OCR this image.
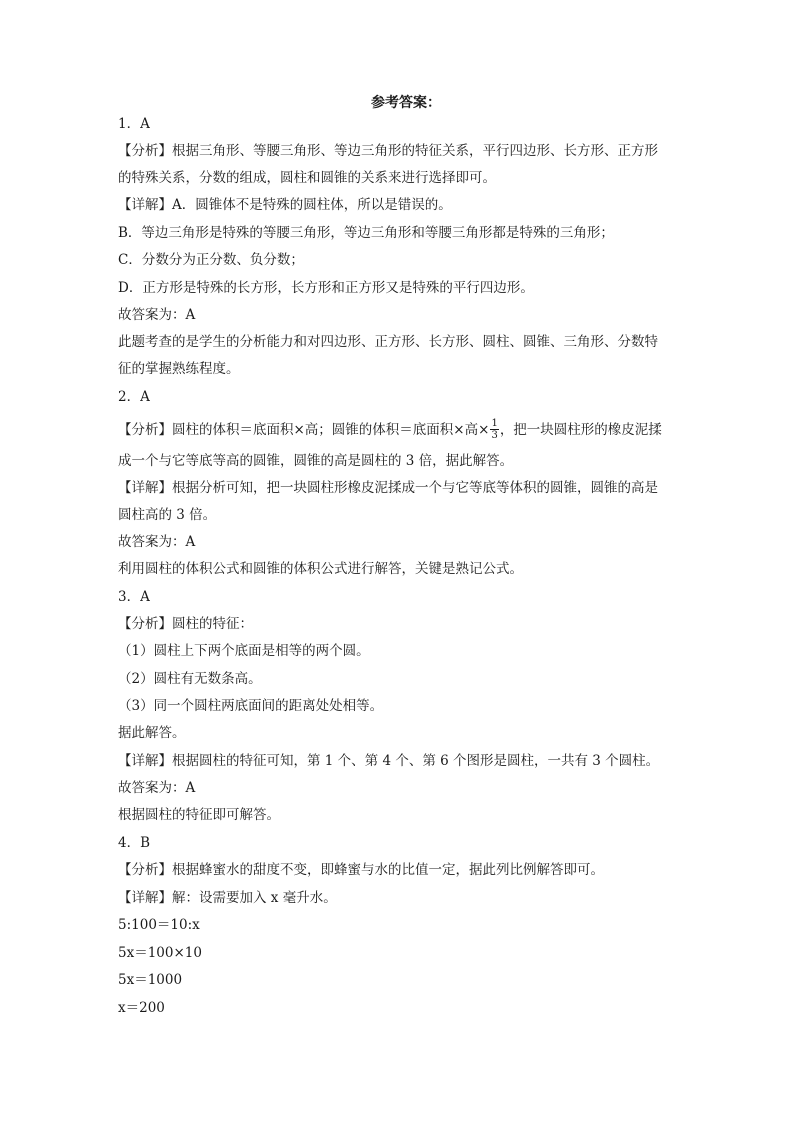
参考答案：
1．A
【分析】根据三角形、等腰三角形、等边三角形的特征关系，平行四边形、长方形、正方形
的特殊关系，分数的组成，圆柱和圆锥的关系来进行选择即可。
【详解】A．圆锥体不是特殊的圆柱体，所以是错误的。
B．等边三角形是特殊的等腰三角形，等边三角形和等腰三角形都是特殊的三角形；
C．分数分为正分数、负分数；
D．正方形是特殊的长方形，长方形和正方形又是特殊的平行四边形。
故答案为：A
此题考查的是学生的分析能力和对四边形、正方形、长方形、圆柱、圆锥、三角形、分数特
征的掌握熟练程度。
2．A
【分析】圆柱的体积＝底面积×高；圆锥的体积＝底面积×高× $\frac{1}{3}$ ，把一块圆柱形的橡皮泥揉
成一个与它等底等高的圆锥，圆锥的高是圆柱的 3 倍，据此解答。
【详解】根据分析可知，把一块圆柱形橡皮泥揉成一个与它等底等体积的圆锥，圆锥的高是
圆柱高的 3 倍。
故答案为：A
利用圆柱的体积公式和圆锥的体积公式进行解答，关键是熟记公式。
3．A
【分析】圆柱的特征：
（1）圆柱上下两个底面是相等的两个圆。
（2）圆柱有无数条高。
（3）同一个圆柱两底面间的距离处处相等。
据此解答。
【详解】根据圆柱的特征可知，第 1 个、第 4 个、第 6 个图形是圆柱，一共有 3 个圆柱。
故答案为：A
根据圆柱的特征即可解答。
4．B
【分析】根据蜂蜜水的甜度不变，即蜂蜜与水的比值一定，据此列比例解答即可。
【详解】解：设需要加入 x 毫升水。
5:100＝10:x
5x＝100×10
5x＝1000
x＝200
